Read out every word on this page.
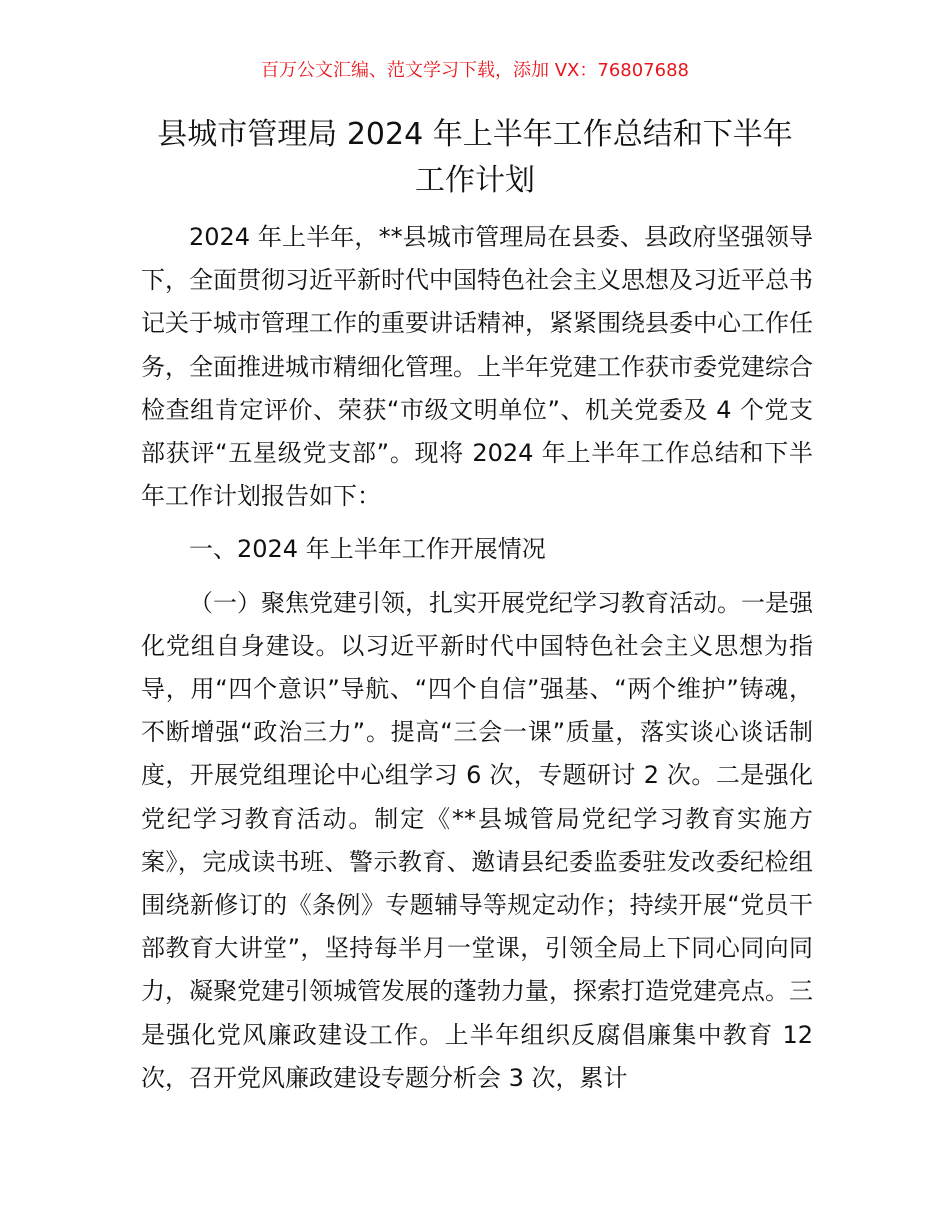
百万公文汇编、范文学习下载，添加 VX：76807688
县城市管理局 2024 年上半年工作总结和下半年
工作计划

2024 年上半年，**县城市管理局在县委、县政府坚强领导下，全面贯彻习近平新时代中国特色社会主义思想及习近平总书记关于城市管理工作的重要讲话精神，紧紧围绕县委中心工作任务，全面推进城市精细化管理。上半年党建工作获市委党建综合检查组肯定评价、荣获“市级文明单位”、机关党委及 4 个党支部获评“五星级党支部”。现将 2024 年上半年工作总结和下半年工作计划报告如下：

一、2024 年上半年工作开展情况

（一）聚焦党建引领，扎实开展党纪学习教育活动。一是强化党组自身建设。以习近平新时代中国特色社会主义思想为指导，用“四个意识”导航、“四个自信”强基、“两个维护”铸魂，不断增强“政治三力”。提高“三会一课”质量，落实谈心谈话制度，开展党组理论中心组学习 6 次，专题研讨 2 次。二是强化党纪学习教育活动。制定《**县城管局党纪学习教育实施方案》，完成读书班、警示教育、邀请县纪委监委驻发改委纪检组围绕新修订的《条例》专题辅导等规定动作；持续开展“党员干部教育大讲堂”，坚持每半月一堂课，引领全局上下同心同向同力，凝聚党建引领城管发展的蓬勃力量，探索打造党建亮点。三是强化党风廉政建设工作。上半年组织反腐倡廉集中教育 12 次，召开党风廉政建设专题分析会 3 次，累计
